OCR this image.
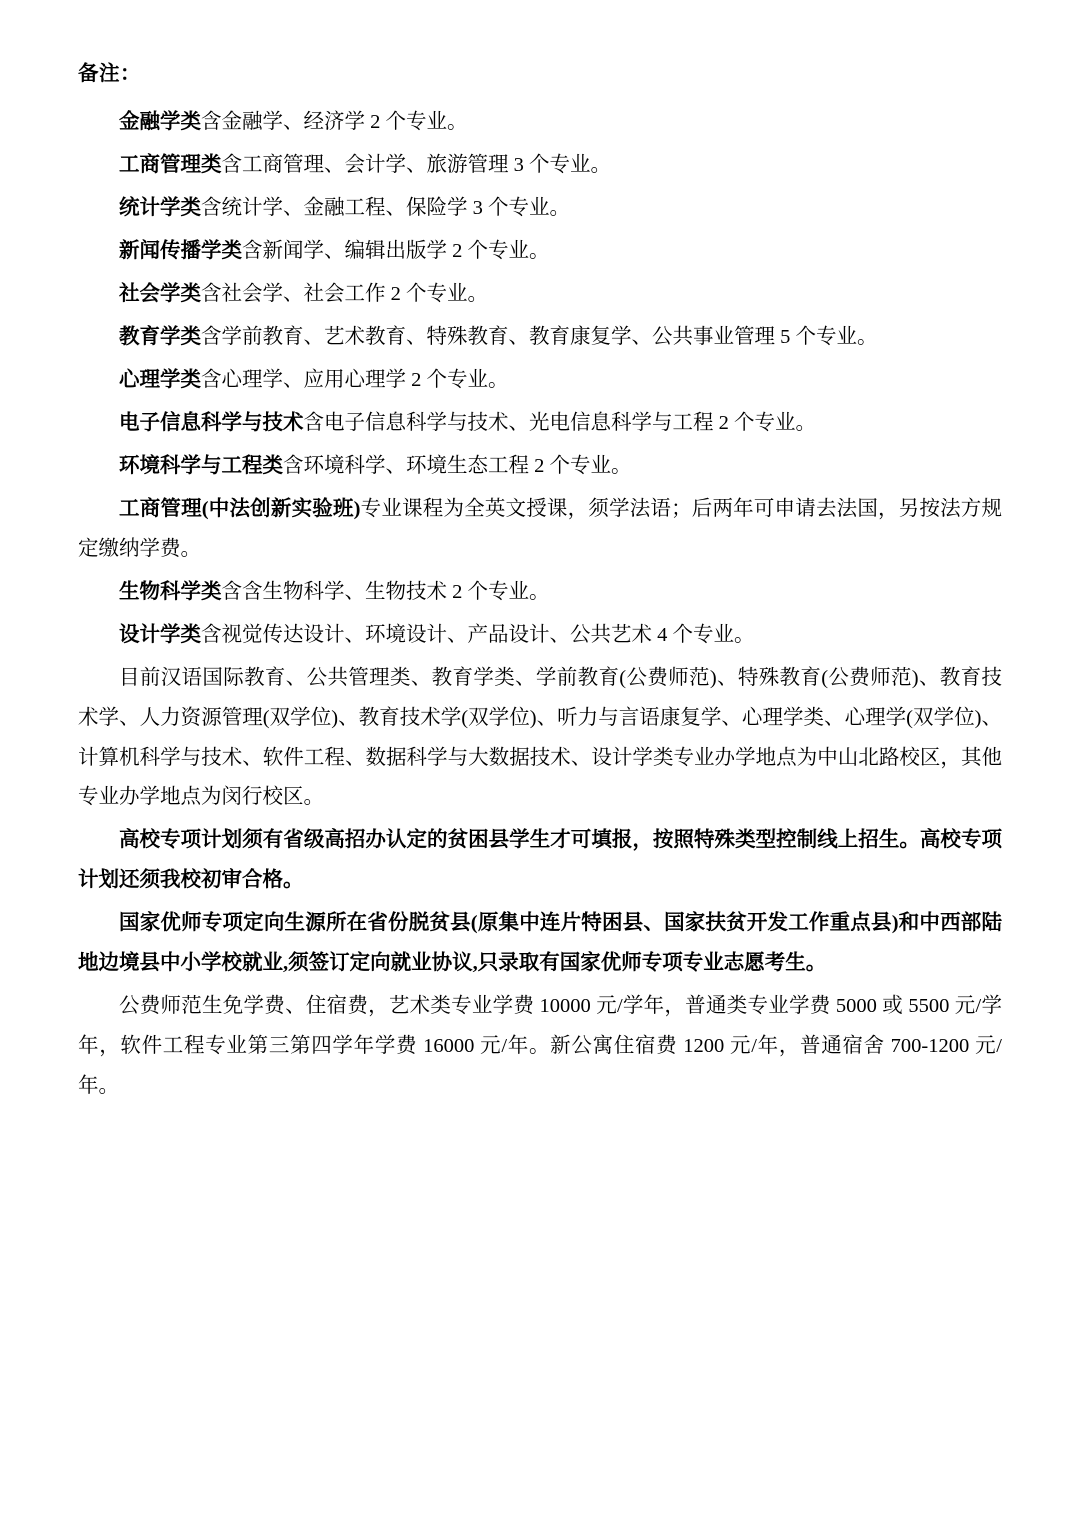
备注：

金融学类含金融学、经济学 2 个专业。

工商管理类含工商管理、会计学、旅游管理 3 个专业。

统计学类含统计学、金融工程、保险学 3 个专业。

新闻传播学类含新闻学、编辑出版学 2 个专业。

社会学类含社会学、社会工作 2 个专业。

教育学类含学前教育、艺术教育、特殊教育、教育康复学、公共事业管理 5 个专业。

心理学类含心理学、应用心理学 2 个专业。

电子信息科学与技术含电子信息科学与技术、光电信息科学与工程 2 个专业。

环境科学与工程类含环境科学、环境生态工程 2 个专业。

工商管理(中法创新实验班)专业课程为全英文授课，须学法语；后两年可申请去法国，另按法方规定缴纳学费。

生物科学类含含生物科学、生物技术 2 个专业。

设计学类含视觉传达设计、环境设计、产品设计、公共艺术 4 个专业。

目前汉语国际教育、公共管理类、教育学类、学前教育(公费师范)、特殊教育(公费师范)、教育技术学、人力资源管理(双学位)、教育技术学(双学位)、听力与言语康复学、心理学类、心理学(双学位)、计算机科学与技术、软件工程、数据科学与大数据技术、设计学类专业办学地点为中山北路校区，其他专业办学地点为闵行校区。

高校专项计划须有省级高招办认定的贫困县学生才可填报，按照特殊类型控制线上招生。高校专项计划还须我校初审合格。

国家优师专项定向生源所在省份脱贫县(原集中连片特困县、国家扶贫开发工作重点县)和中西部陆地边境县中小学校就业,须签订定向就业协议,只录取有国家优师专项专业志愿考生。

公费师范生免学费、住宿费，艺术类专业学费 10000 元/学年，普通类专业学费 5000 或 5500 元/学年，软件工程专业第三第四学年学费 16000 元/年。新公寓住宿费 1200 元/年，普通宿舍 700-1200 元/年。
